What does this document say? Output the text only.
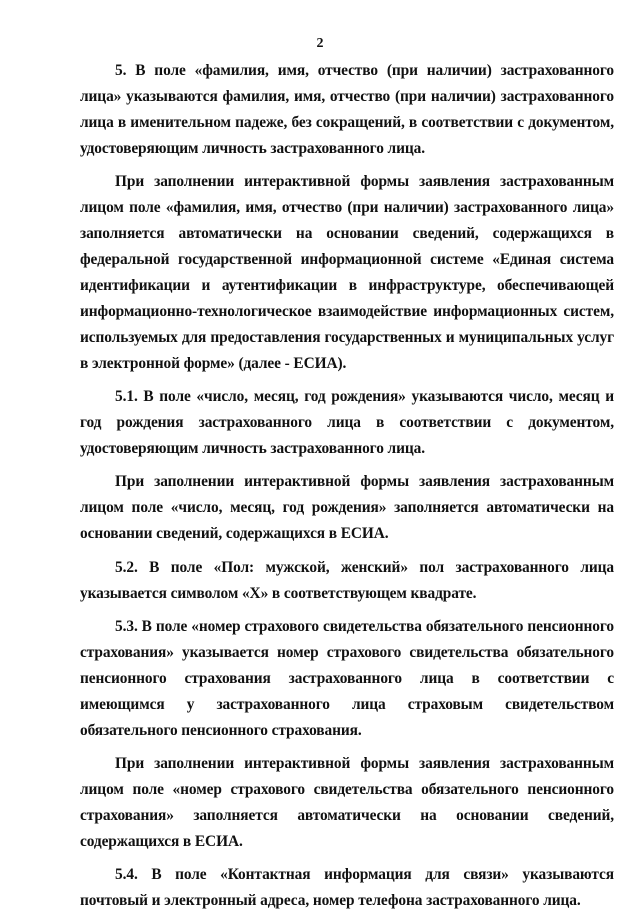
2

5. В поле «фамилия, имя, отчество (при наличии) застрахованного лица» указываются фамилия, имя, отчество (при наличии) застрахованного лица в именительном падеже, без сокращений, в соответствии с документом, удостоверяющим личность застрахованного лица.

При заполнении интерактивной формы заявления застрахованным лицом поле «фамилия, имя, отчество (при наличии) застрахованного лица» заполняется автоматически на основании сведений, содержащихся в федеральной государственной информационной системе «Единая система идентификации и аутентификации в инфраструктуре, обеспечивающей информационно-технологическое взаимодействие информационных систем, используемых для предоставления государственных и муниципальных услуг в электронной форме» (далее - ЕСИА).

5.1. В поле «число, месяц, год рождения» указываются число, месяц и год рождения застрахованного лица в соответствии с документом, удостоверяющим личность застрахованного лица.

При заполнении интерактивной формы заявления застрахованным лицом поле «число, месяц, год рождения» заполняется автоматически на основании сведений, содержащихся в ЕСИА.

5.2. В поле «Пол: мужской, женский» пол застрахованного лица указывается символом «X» в соответствующем квадрате.

5.3. В поле «номер страхового свидетельства обязательного пенсионного страхования» указывается номер страхового свидетельства обязательного пенсионного страхования застрахованного лица в соответствии с имеющимся у застрахованного лица страховым свидетельством обязательного пенсионного страхования.

При заполнении интерактивной формы заявления застрахованным лицом поле «номер страхового свидетельства обязательного пенсионного страхования» заполняется автоматически на основании сведений, содержащихся в ЕСИА.

5.4. В поле «Контактная информация для связи» указываются почтовый и электронный адреса, номер телефона застрахованного лица.
